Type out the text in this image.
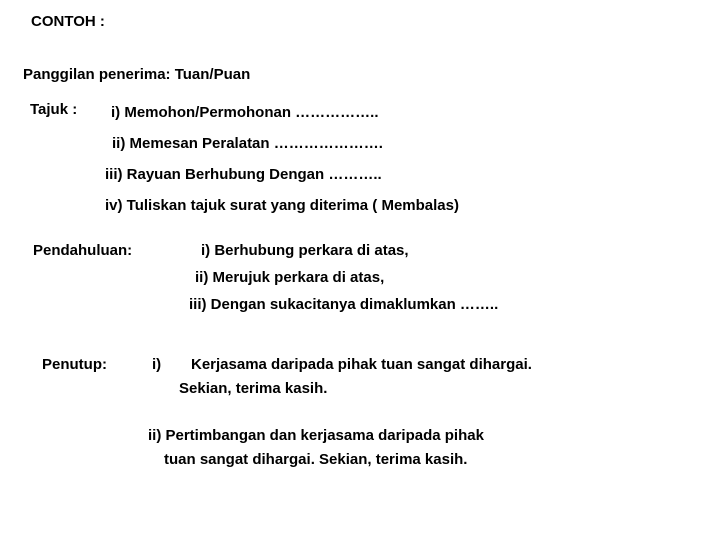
CONTOH :
Panggilan penerima: Tuan/Puan
Tajuk : i) Memohon/Permohonan ……………..
ii) Memesan Peralatan ………………….
iii) Rayuan Berhubung Dengan ………..
iv) Tuliskan tajuk surat yang diterima ( Membalas)
Pendahuluan:	i) Berhubung perkara di atas,
ii) Merujuk perkara di atas,
iii) Dengan sukacitanya dimaklumkan ……..
Penutup:	i) Kerjasama daripada pihak tuan sangat dihargai.
Sekian, terima kasih.
ii) Pertimbangan dan kerjasama daripada pihak
tuan sangat dihargai. Sekian, terima kasih.
